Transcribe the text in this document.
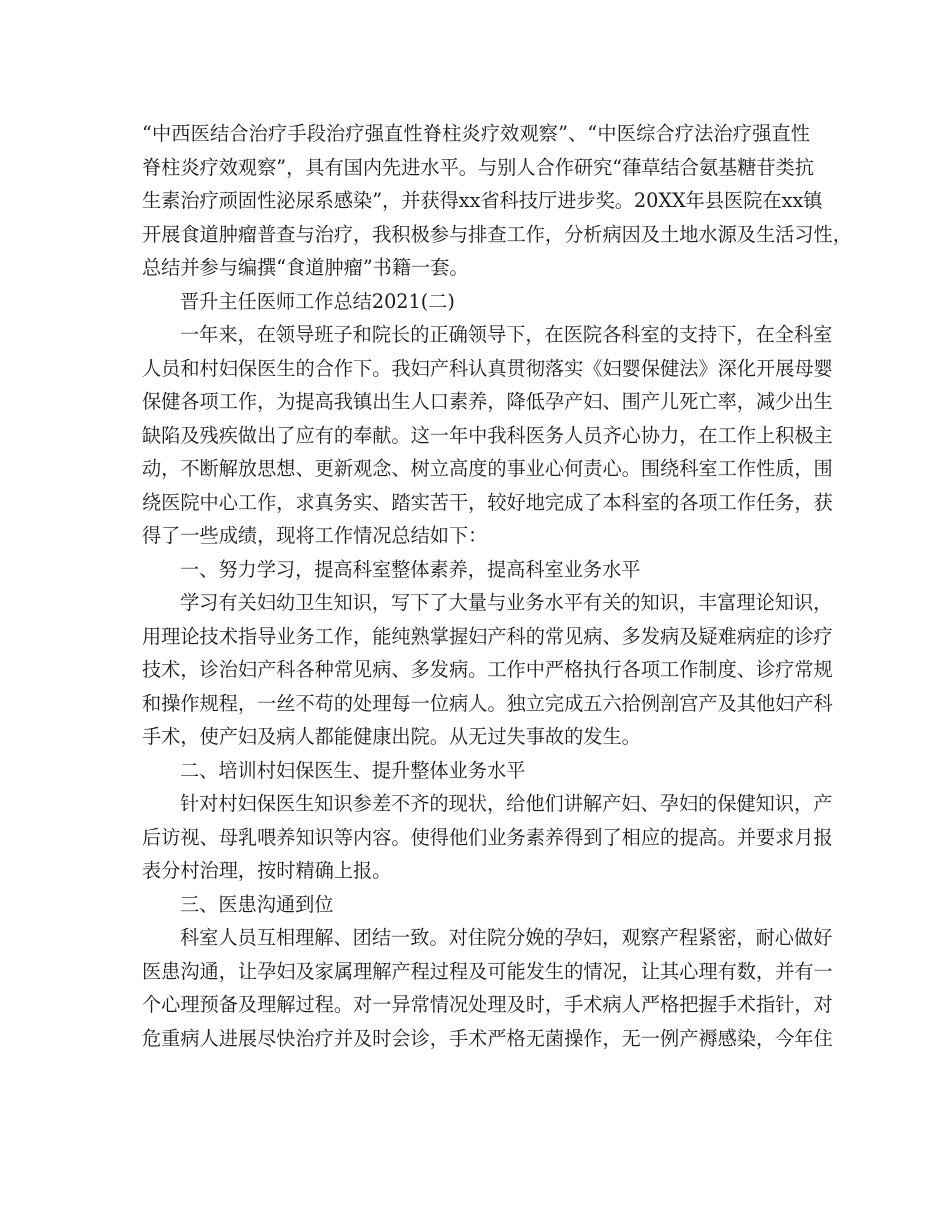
“中西医结合治疗手段治疗强直性脊柱炎疗效观察”、“中医综合疗法治疗强直性
脊柱炎疗效观察”，具有国内先进水平。与别人合作研究“葎草结合氨基糖苷类抗
生素治疗顽固性泌尿系感染”，并获得xx省科技厅进步奖。20XX年县医院在xx镇
开展食道肿瘤普查与治疗，我积极参与排查工作，分析病因及土地水源及生活习性，
总结并参与编撰“食道肿瘤”书籍一套。
晋升主任医师工作总结2021(二)
一年来，在领导班子和院长的正确领导下，在医院各科室的支持下，在全科室
人员和村妇保医生的合作下。我妇产科认真贯彻落实《妇婴保健法》深化开展母婴
保健各项工作，为提高我镇出生人口素养，降低孕产妇、围产儿死亡率，减少出生
缺陷及残疾做出了应有的奉献。这一年中我科医务人员齐心协力，在工作上积极主
动，不断解放思想、更新观念、树立高度的事业心何责心。围绕科室工作性质，围
绕医院中心工作，求真务实、踏实苦干，较好地完成了本科室的各项工作任务，获
得了一些成绩，现将工作情况总结如下：
一、努力学习，提高科室整体素养，提高科室业务水平
学习有关妇幼卫生知识，写下了大量与业务水平有关的知识，丰富理论知识，
用理论技术指导业务工作，能纯熟掌握妇产科的常见病、多发病及疑难病症的诊疗
技术，诊治妇产科各种常见病、多发病。工作中严格执行各项工作制度、诊疗常规
和操作规程，一丝不苟的处理每一位病人。独立完成五六拾例剖宫产及其他妇产科
手术，使产妇及病人都能健康出院。从无过失事故的发生。
二、培训村妇保医生、提升整体业务水平
针对村妇保医生知识参差不齐的现状，给他们讲解产妇、孕妇的保健知识，产
后访视、母乳喂养知识等内容。使得他们业务素养得到了相应的提高。并要求月报
表分村治理，按时精确上报。
三、医患沟通到位
科室人员互相理解、团结一致。对住院分娩的孕妇，观察产程紧密，耐心做好
医患沟通，让孕妇及家属理解产程过程及可能发生的情况，让其心理有数，并有一
个心理预备及理解过程。对一异常情况处理及时，手术病人严格把握手术指针，对
危重病人进展尽快治疗并及时会诊，手术严格无菌操作，无一例产褥感染，今年住
